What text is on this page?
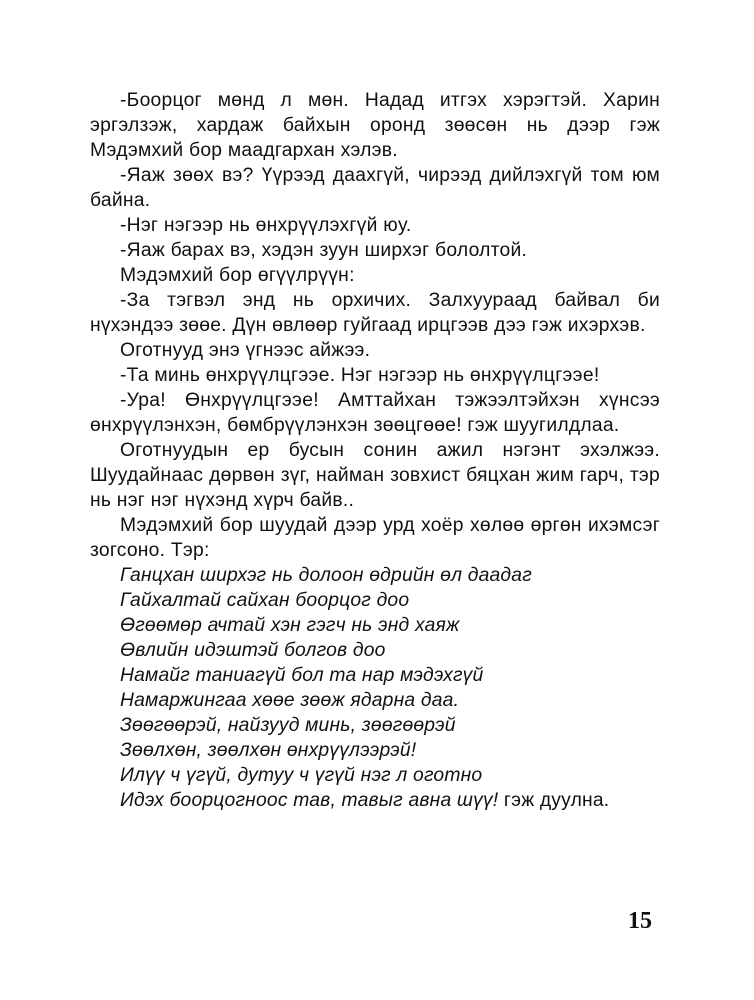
-Боорцог мөнд л мөн. Надад итгэх хэрэгтэй. Харин эргэлзэж, хардаж байхын оронд зөөсөн нь дээр гэж Мэдэмхий бор маадгархан хэлэв.

-Яаж зөөх вэ? Үүрээд даахгүй, чирээд дийлэхгүй том юм байна.

-Нэг нэгээр нь өнхрүүлэхгүй юу.

-Яаж барах вэ, хэдэн зуун ширхэг бололтой.

Мэдэмхий бор өгүүлрүүн:

-За тэгвэл энд нь орхичих. Залхуураад байвал би нүхэндээ зөөе. Дүн өвлөөр гуйгаад ирцгээв дээ гэж ихэрхэв.

Оготнууд энэ үгнээс айжээ.

-Та минь өнхрүүлцгээе. Нэг нэгээр нь өнхрүүлцгээе!

-Ура! Өнхрүүлцгээе! Амттайхан тэжээлтэйхэн хүнсээ өнхрүүлэнхэн, бөмбрүүлэнхэн зөөцгөөе! гэж шуугилдлаа.

Оготнуудын ер бусын сонин ажил нэгэнт эхэлжээ. Шуудайнаас дөрвөн зүг, найман зовхист бяцхан жим гарч, тэр нь нэг нэг нүхэнд хүрч байв..

Мэдэмхий бор шуудай дээр урд хоёр хөлөө өргөн ихэмсэг зогсоно. Тэр:

Ганцхан ширхэг нь долоон өдрийн өл даадаг
Гайхалтай сайхан боорцог доо
Өгөөмөр ачтай хэн гэгч нь энд хаяж
Өвлийн идэштэй болгов доо
Намайг таниагүй бол та нар мэдэхгүй
Намаржингаа хөөе зөөж ядарна даа.
Зөөгөөрэй, найзууд минь, зөөгөөрэй
Зөөлхөн, зөөлхөн өнхрүүлээрэй!
Илүү ч үгүй, дутуу ч үгүй нэг л оготно
Идэх боорцогноос тав, тавыг авна шүү! гэж дуулна.
15
